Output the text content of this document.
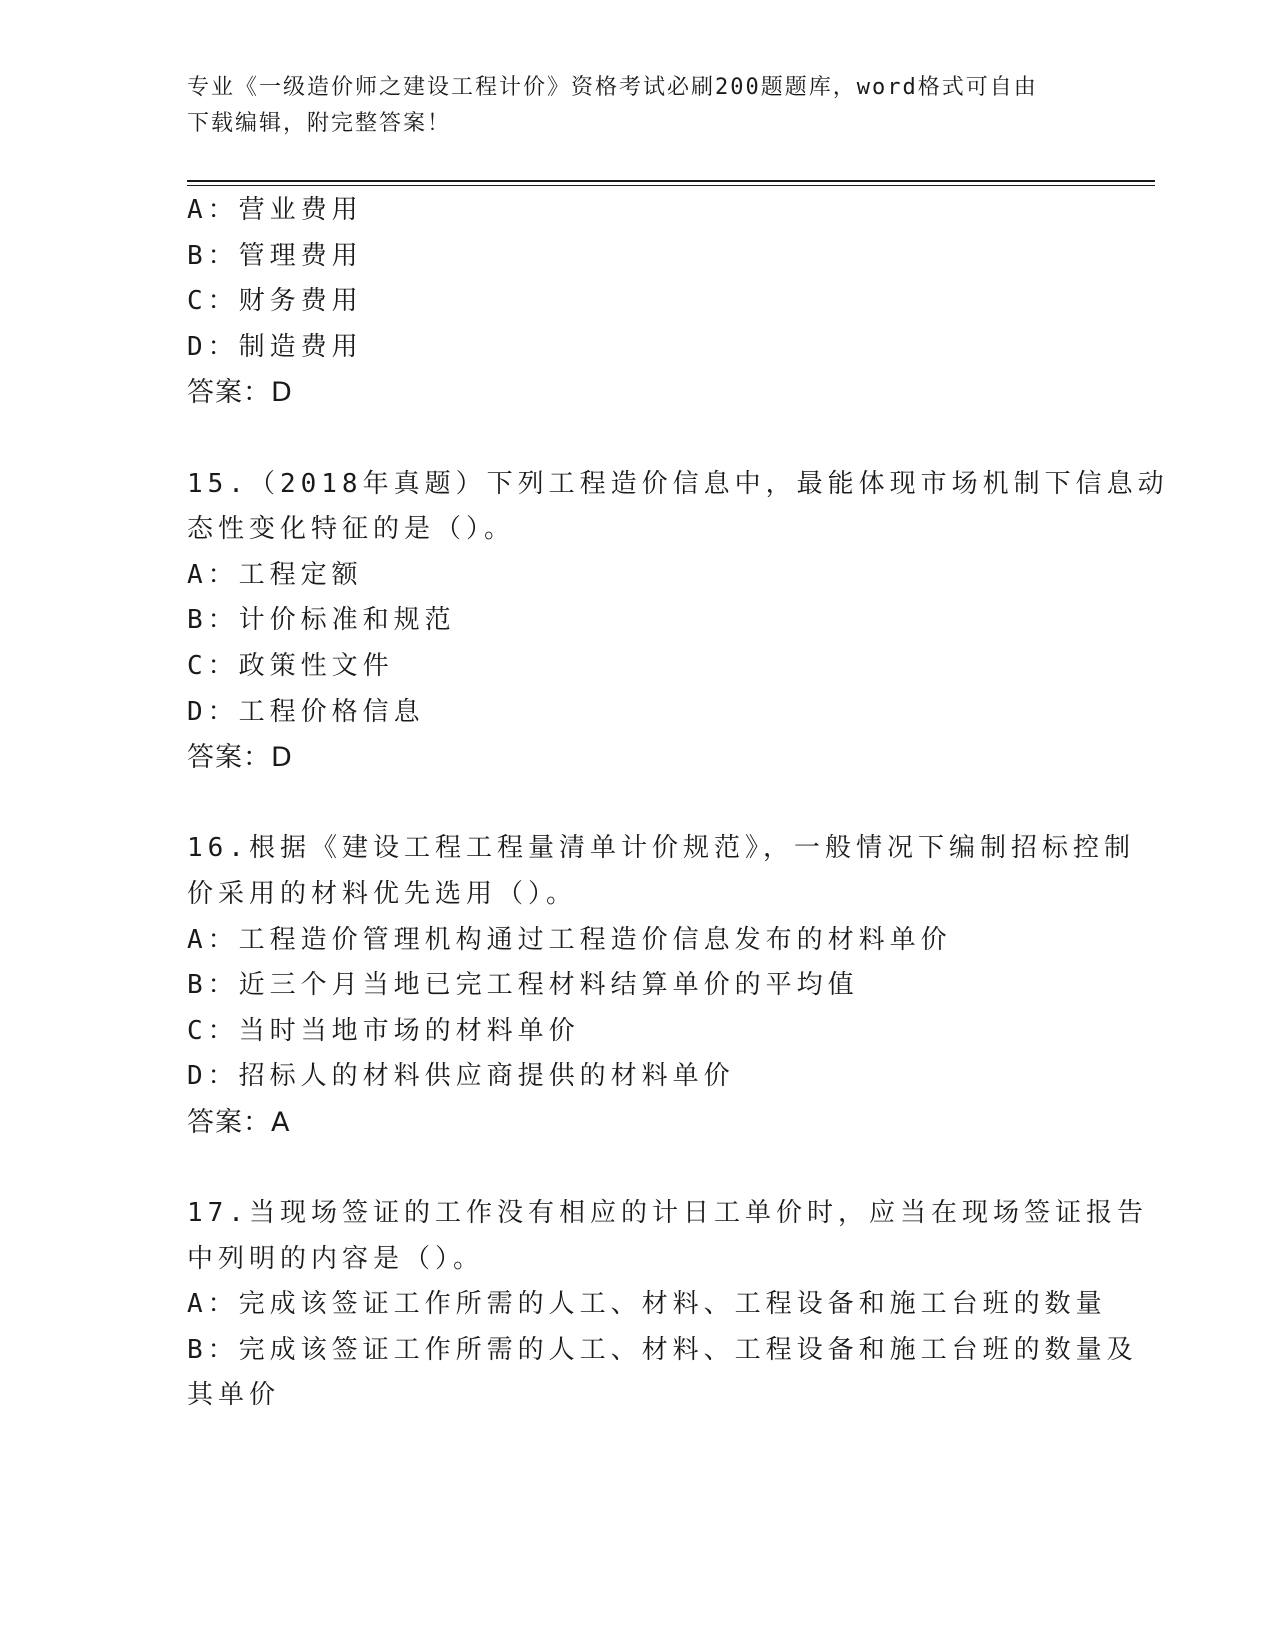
专业《一级造价师之建设工程计价》资格考试必刷200题题库，word格式可自由
下载编辑，附完整答案！
A：营业费用
B：管理费用
C：财务费用
D：制造费用
答案：D
15.（2018年真题）下列工程造价信息中，最能体现市场机制下信息动
态性变化特征的是（）。
A：工程定额
B：计价标准和规范
C：政策性文件
D：工程价格信息
答案：D
16.根据《建设工程工程量清单计价规范》，一般情况下编制招标控制
价采用的材料优先选用（）。
A：工程造价管理机构通过工程造价信息发布的材料单价
B：近三个月当地已完工程材料结算单价的平均值
C：当时当地市场的材料单价
D：招标人的材料供应商提供的材料单价
答案：A
17.当现场签证的工作没有相应的计日工单价时，应当在现场签证报告
中列明的内容是（）。
A：完成该签证工作所需的人工、材料、工程设备和施工台班的数量
B：完成该签证工作所需的人工、材料、工程设备和施工台班的数量及
其单价
